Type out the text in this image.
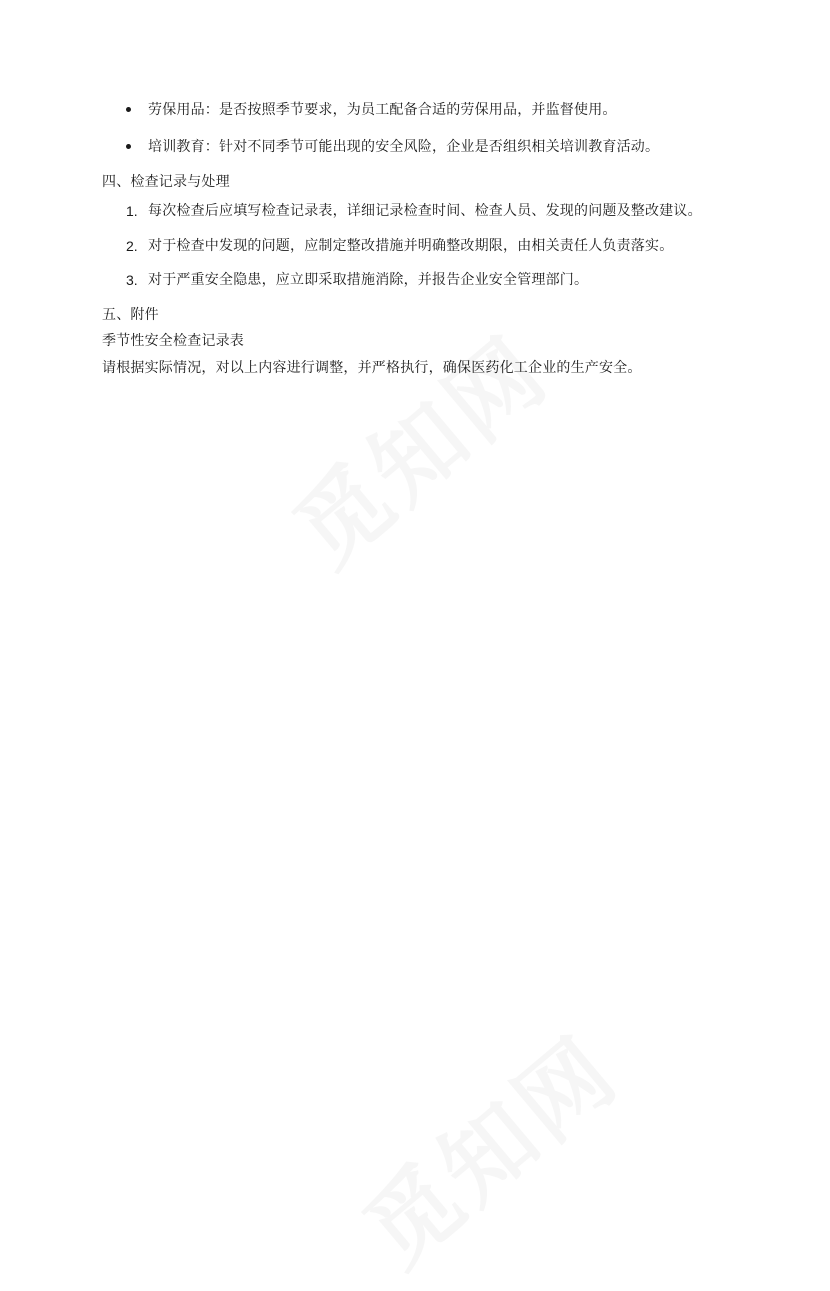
劳保用品：是否按照季节要求，为员工配备合适的劳保用品，并监督使用。
培训教育：针对不同季节可能出现的安全风险，企业是否组织相关培训教育活动。
四、检查记录与处理
1. 每次检查后应填写检查记录表，详细记录检查时间、检查人员、发现的问题及整改建议。
2. 对于检查中发现的问题，应制定整改措施并明确整改期限，由相关责任人负责落实。
3. 对于严重安全隐患，应立即采取措施消除，并报告企业安全管理部门。
五、附件
季节性安全检查记录表
请根据实际情况，对以上内容进行调整，并严格执行，确保医药化工企业的生产安全。
